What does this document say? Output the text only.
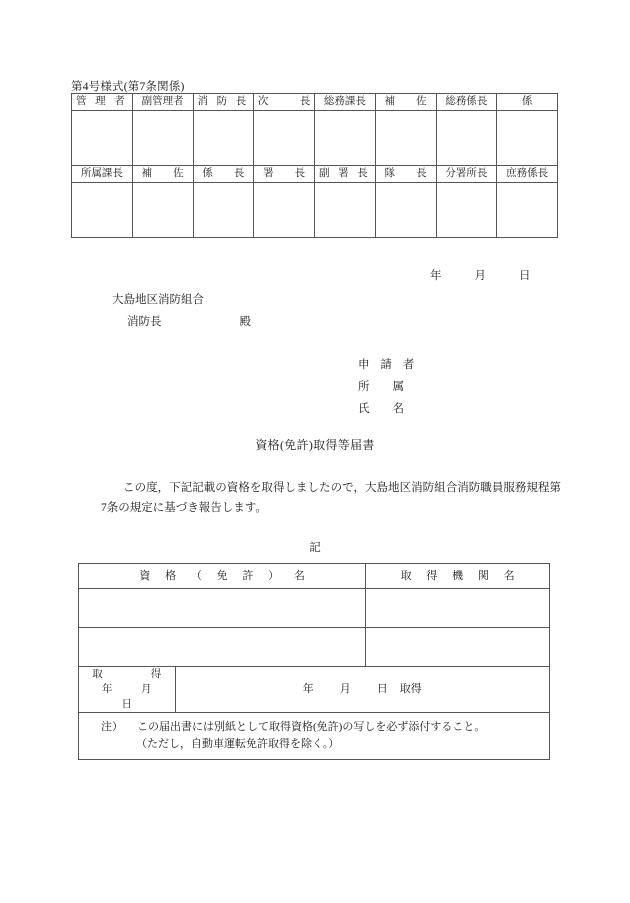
第4号様式(第7条関係)
管 理 者	副管理者	消 防 長	次　　　長	総務課長	補　　佐	総務係長	係

所属課長	補　　佐	係　　長	署　　長	副 署 長	隊　　長	分署所長	庶務係長

年	月	日
大島地区消防組合
消防長	殿
申 請 者
所　　属
氏　　名
資格(免許)取得等届書
この度，下記記載の資格を取得しましたので，大島地区消防組合消防職員服務規程第7条の規定に基づき報告します。
記
資 格 （ 免 許 ） 名		取 得 機 関 名

取　　得
年　月　日	年 月 日 取得	
注） この届出書には別紙として取得資格(免許)の写しを必ず添付すること。
（ただし，自動車運転免許取得を除く。）		
